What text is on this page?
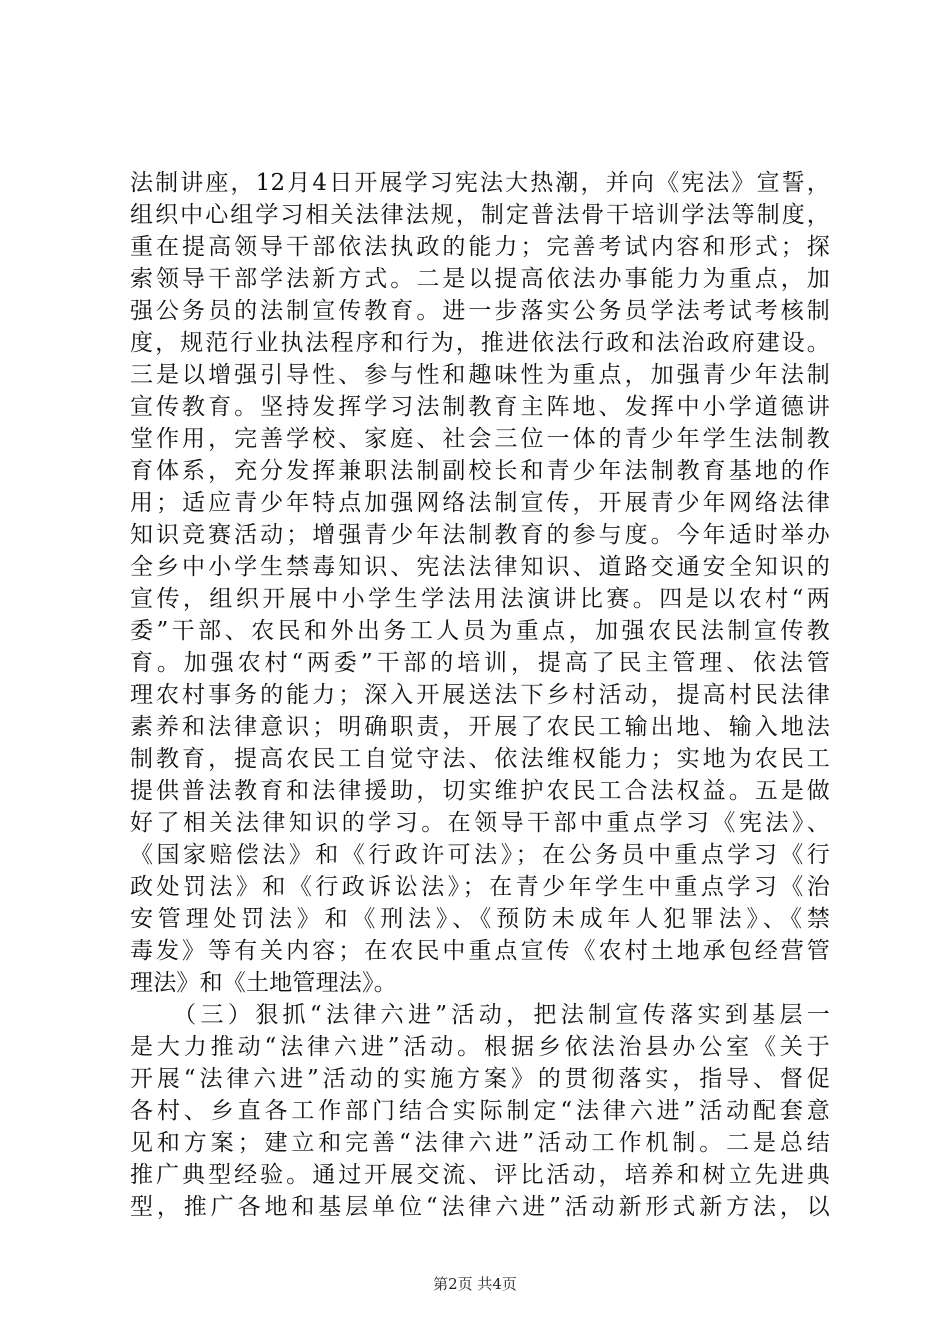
法制讲座，12月4日开展学习宪法大热潮，并向《宪法》宣誓，
组织中心组学习相关法律法规，制定普法骨干培训学法等制度，
重在提高领导干部依法执政的能力；完善考试内容和形式；探
索领导干部学法新方式。二是以提高依法办事能力为重点，加
强公务员的法制宣传教育。进一步落实公务员学法考试考核制
度，规范行业执法程序和行为，推进依法行政和法治政府建设。
三是以增强引导性、参与性和趣味性为重点，加强青少年法制
宣传教育。坚持发挥学习法制教育主阵地、发挥中小学道德讲
堂作用，完善学校、家庭、社会三位一体的青少年学生法制教
育体系，充分发挥兼职法制副校长和青少年法制教育基地的作
用；适应青少年特点加强网络法制宣传，开展青少年网络法律
知识竞赛活动；增强青少年法制教育的参与度。今年适时举办
全乡中小学生禁毒知识、宪法法律知识、道路交通安全知识的
宣传，组织开展中小学生学法用法演讲比赛。四是以农村“两
委”干部、农民和外出务工人员为重点，加强农民法制宣传教
育。加强农村“两委”干部的培训，提高了民主管理、依法管
理农村事务的能力；深入开展送法下乡村活动，提高村民法律
素养和法律意识；明确职责，开展了农民工输出地、输入地法
制教育，提高农民工自觉守法、依法维权能力；实地为农民工
提供普法教育和法律援助，切实维护农民工合法权益。五是做
好了相关法律知识的学习。在领导干部中重点学习《宪法》、
《国家赔偿法》和《行政许可法》；在公务员中重点学习《行
政处罚法》和《行政诉讼法》；在青少年学生中重点学习《治
安管理处罚法》和《刑法》、《预防未成年人犯罪法》、《禁
毒发》等有关内容；在农民中重点宣传《农村土地承包经营管
理法》和《土地管理法》。
　　（三）狠抓“法律六进”活动，把法制宣传落实到基层一
是大力推动“法律六进”活动。根据乡依法治县办公室《关于
开展“法律六进”活动的实施方案》的贯彻落实，指导、督促
各村、乡直各工作部门结合实际制定“法律六进”活动配套意
见和方案；建立和完善“法律六进”活动工作机制。二是总结
推广典型经验。通过开展交流、评比活动，培养和树立先进典
型，推广各地和基层单位“法律六进”活动新形式新方法，以
第2页 共4页
